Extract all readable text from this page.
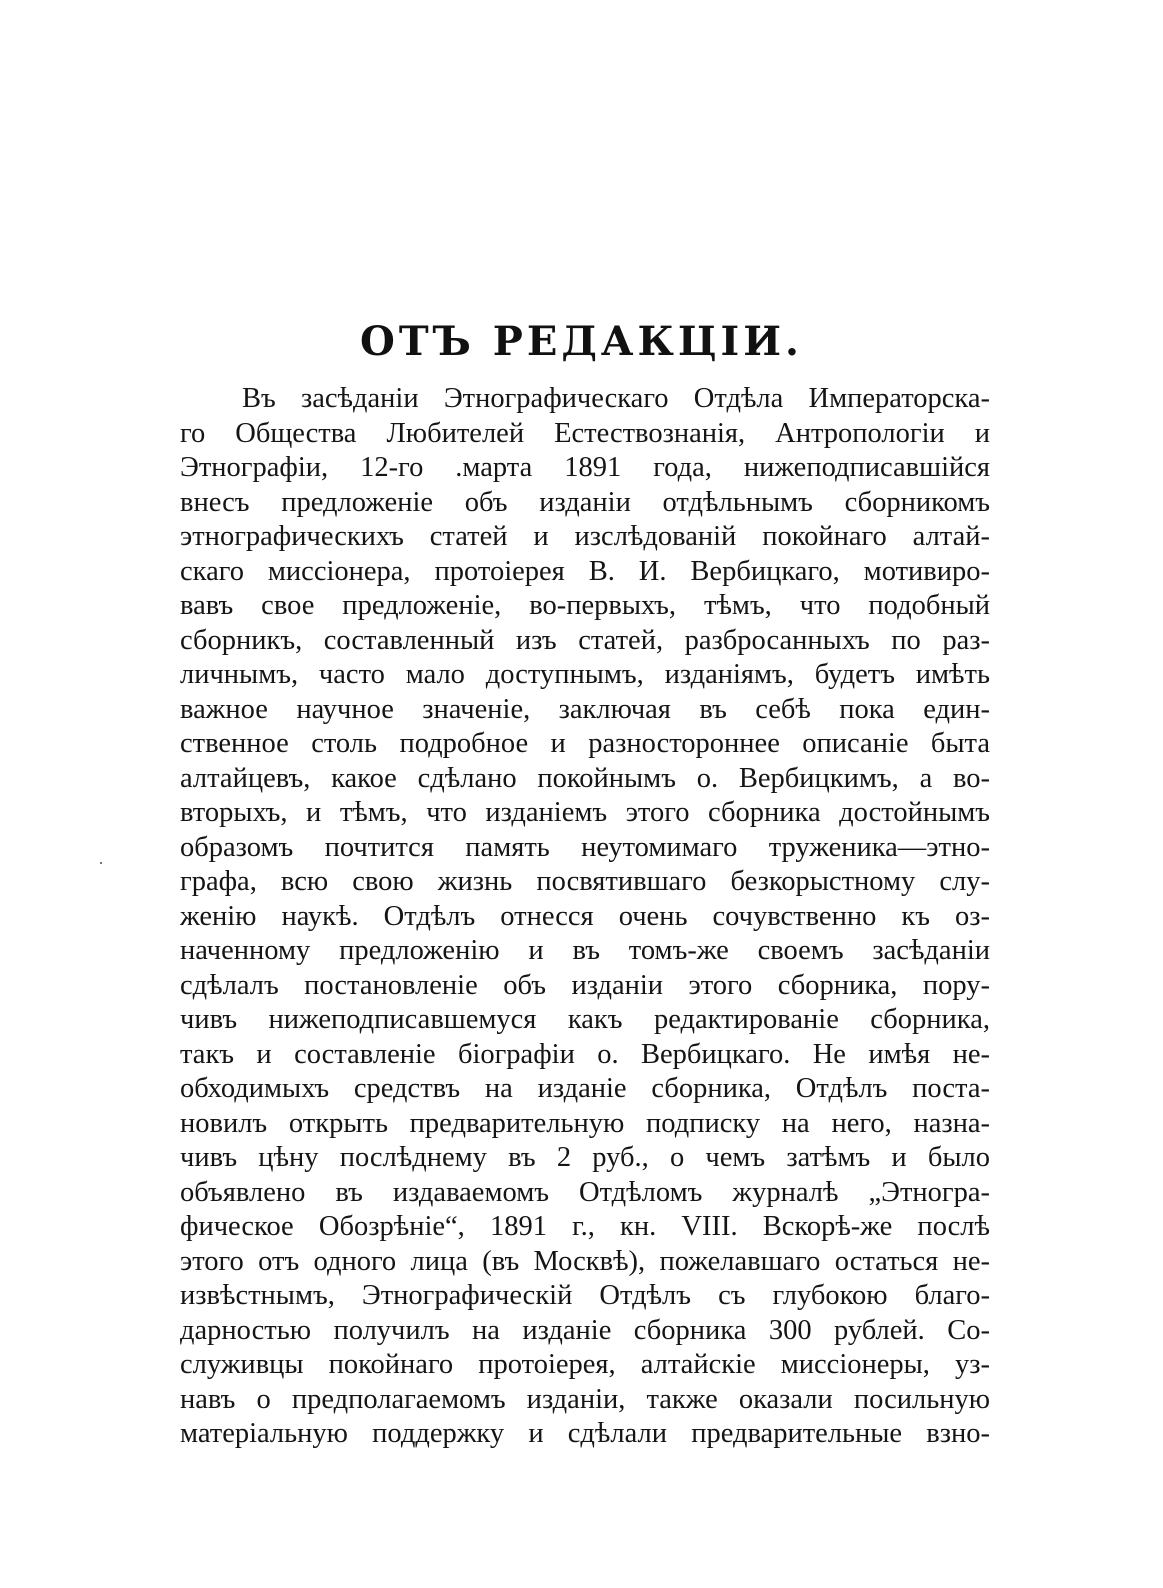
ОТЪ РЕДАКЦІИ.
Въ засѣданіи Этнографическаго Отдѣла Императорска-
го Общества Любителей Естествознанія, Антропологіи и
Этнографіи, 12-го .марта 1891 года, нижеподписавшійся
внесъ предложеніе объ изданіи отдѣльнымъ сборникомъ
этнографическихъ статей и изслѣдованій покойнаго алтай-
скаго миссіонера, протоіерея В. И. Вербицкаго, мотивиро-
вавъ свое предложеніе, во-первыхъ, тѣмъ, что подобный
сборникъ, составленный изъ статей, разбросанныхъ по раз-
личнымъ, часто мало доступнымъ, изданіямъ, будетъ имѣть
важное научное значеніе, заключая въ себѣ пока един-
ственное столь подробное и разностороннее описаніе быта
алтайцевъ, какое сдѣлано покойнымъ о. Вербицкимъ, а во-
вторыхъ, и тѣмъ, что изданіемъ этого сборника достойнымъ
образомъ почтится память неутомимаго труженика—этно-
графа, всю свою жизнь посвятившаго безкорыстному слу-
женію наукѣ. Отдѣлъ отнесся очень сочувственно къ оз-
наченному предложенію и въ томъ-же своемъ засѣданіи
сдѣлалъ постановленіе объ изданіи этого сборника, пору-
чивъ нижеподписавшемуся какъ редактированіе сборника,
такъ и составленіе біографіи о. Вербицкаго. Не имѣя не-
обходимыхъ средствъ на изданіе сборника, Отдѣлъ поста-
новилъ открыть предварительную подписку на него, назна-
чивъ цѣну послѣднему въ 2 руб., о чемъ затѣмъ и было
объявлено въ издаваемомъ Отдѣломъ журналѣ „Этногра-
фическое Обозрѣніе“, 1891 г., кн. VIII. Вскорѣ-же послѣ
этого отъ одного лица (въ Москвѣ), пожелавшаго остаться не-
извѣстнымъ, Этнографическій Отдѣлъ съ глубокою благо-
дарностью получилъ на изданіе сборника 300 рублей. Со-
служивцы покойнаго протоіерея, алтайскіе миссіонеры, уз-
навъ о предполагаемомъ изданіи, также оказали посильную
матеріальную поддержку и сдѣлали предварительные взно-
